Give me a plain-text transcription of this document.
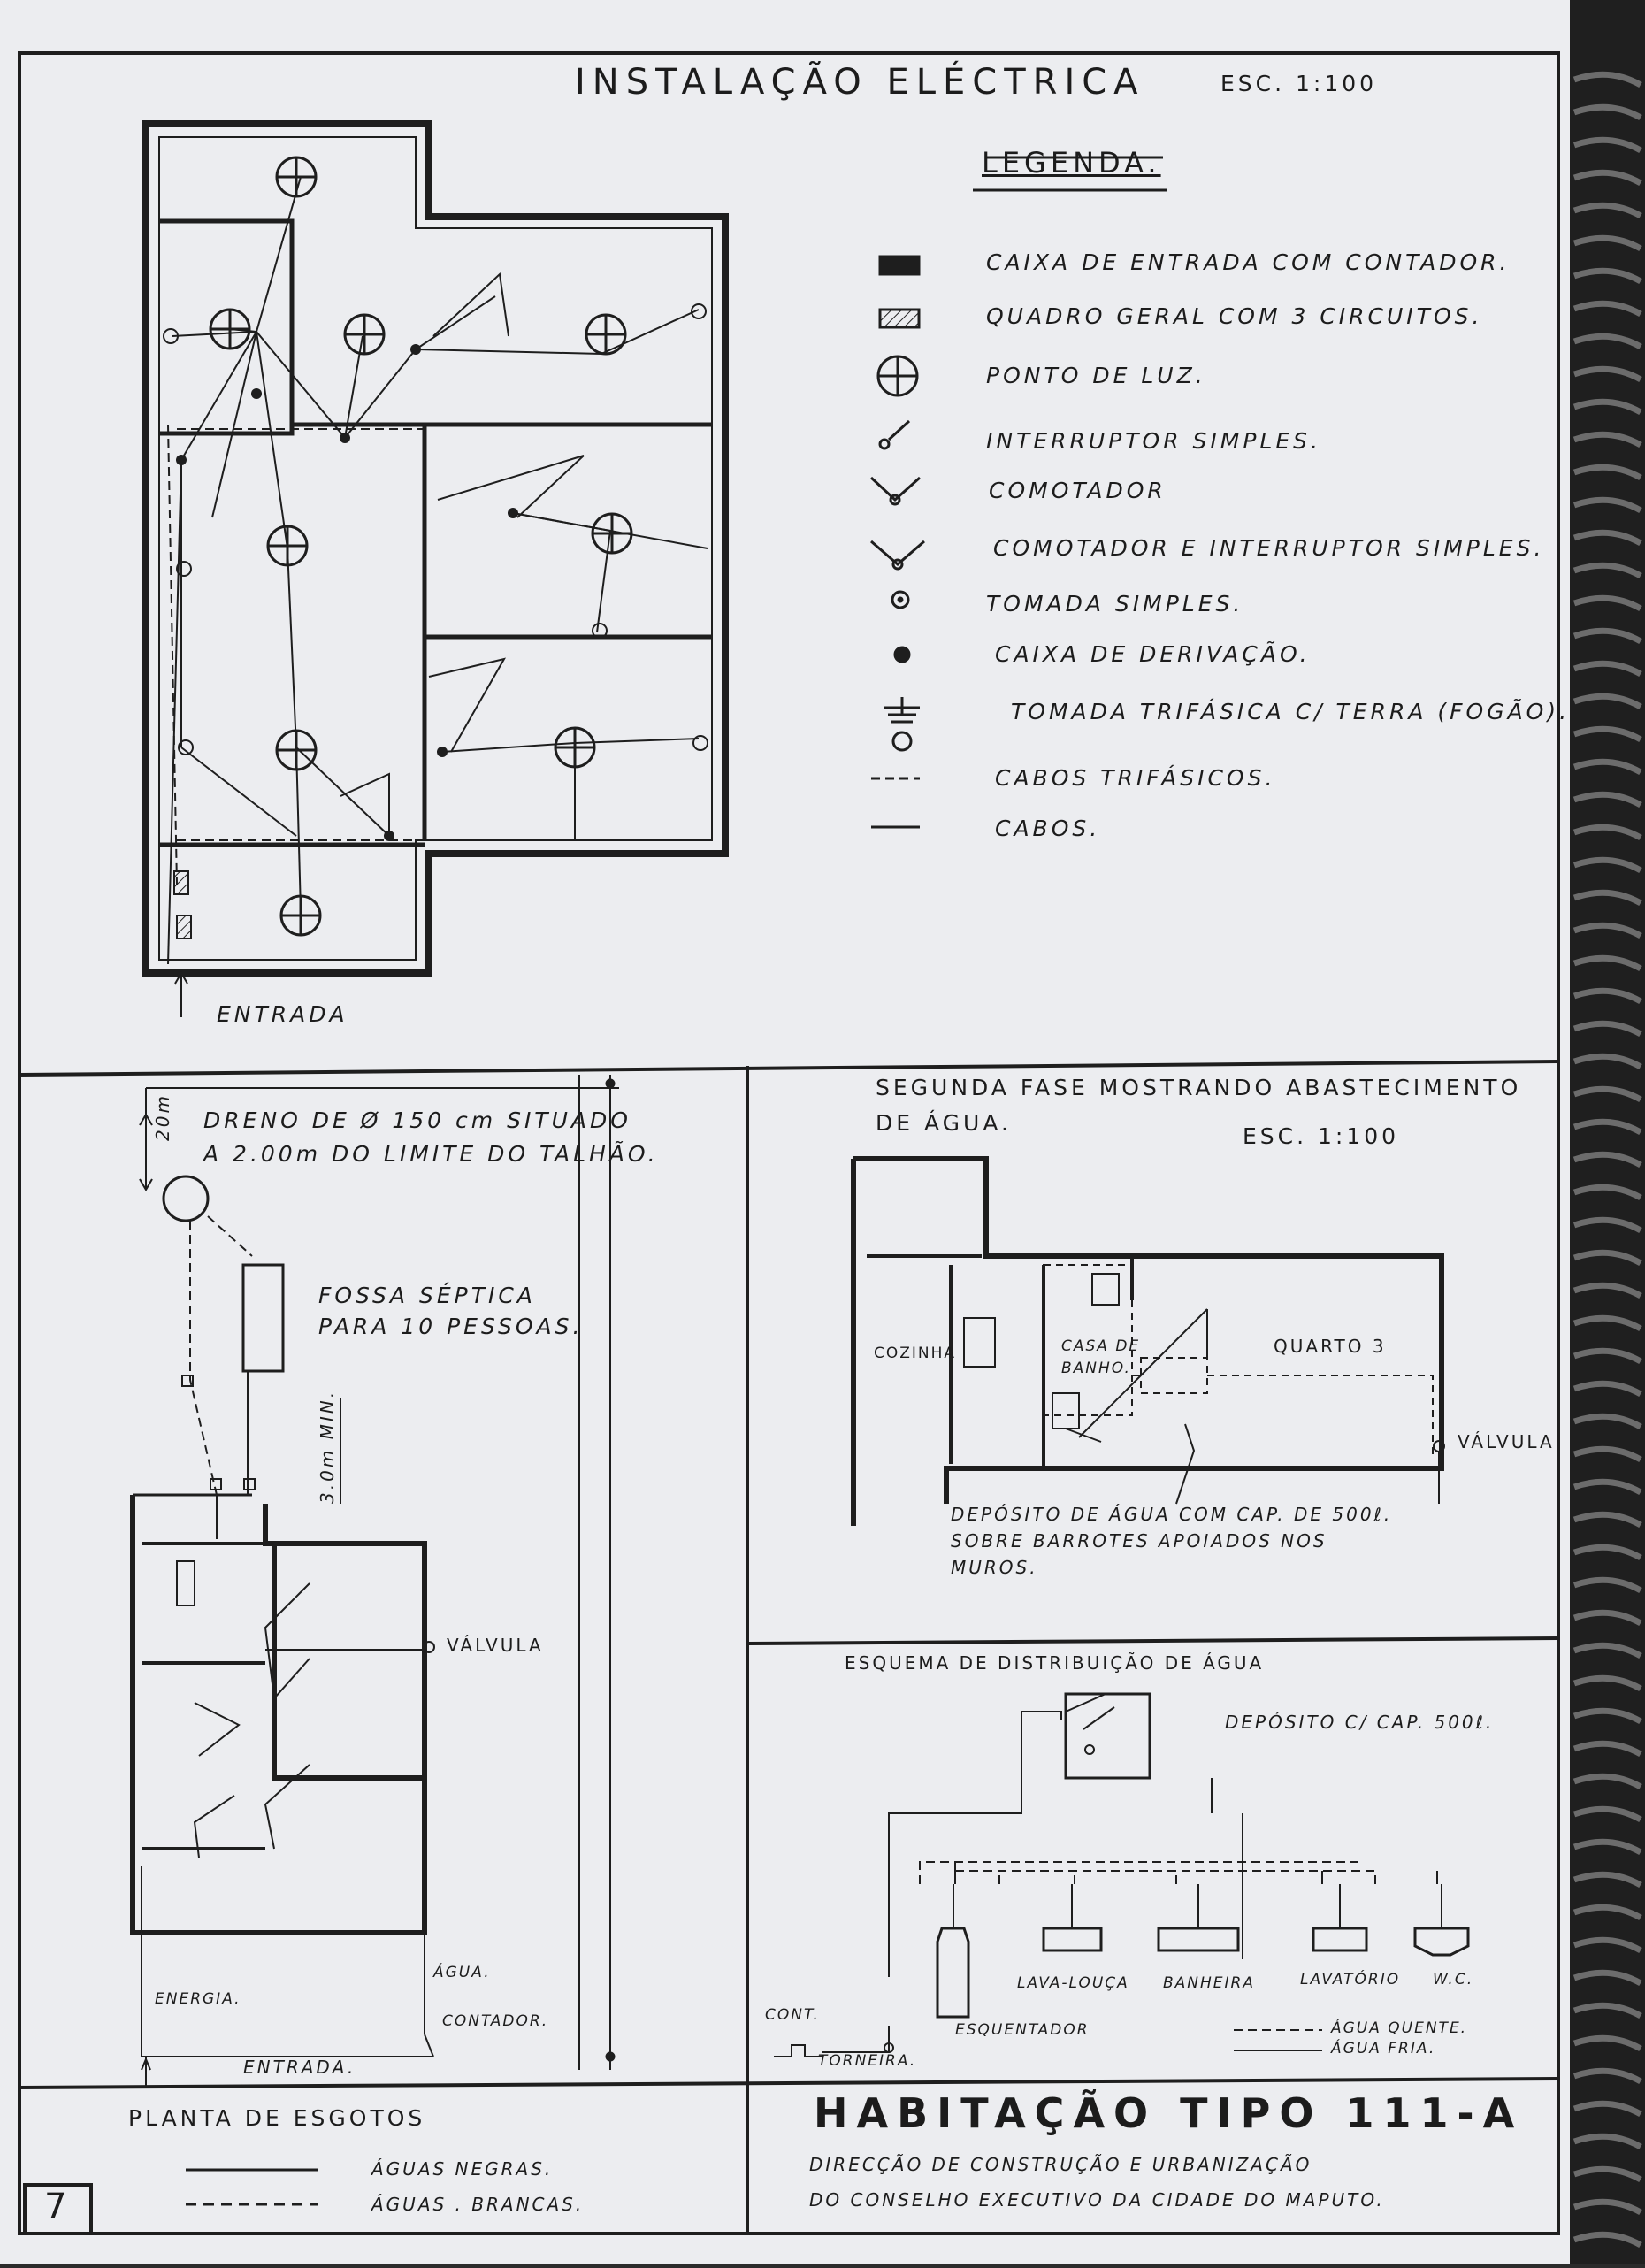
INSTALAÇÃO ELÉCTRICA	ESC. 1:100
LEGENDA.
CAIXA DE ENTRADA COM CONTADOR.
QUADRO GERAL COM 3 CIRCUITOS.
PONTO DE LUZ.
INTERRUPTOR SIMPLES.
COMOTADOR
COMOTADOR E INTERRUPTOR SIMPLES.
TOMADA SIMPLES.
CAIXA DE DERIVAÇÃO.
TOMADA TRIFÁSICA C/ TERRA (FOGÃO).
CABOS TRIFÁSICOS.
CABOS.
ENTRADA
DRENO DE Ø 150 cm SITUADO
A 2.00m DO LIMITE DO TALHÃO.
20m
FOSSA SÉPTICA
PARA 10 PESSOAS.
3.0m MIN.
VÁLVULA
ENERGIA.
ÁGUA.
CONTADOR.
ENTRADA.
PLANTA DE ESGOTOS
ÁGUAS NEGRAS.
ÁGUAS . BRANCAS.
SEGUNDA FASE MOSTRANDO ABASTECIMENTO
DE ÁGUA.
ESC. 1:100
COZINHA	CASA DE
BANHO.
QUARTO 3
VÁLVULA
DEPÓSITO DE ÁGUA COM CAP. DE 500ℓ.
SOBRE BARROTES APOIADOS NOS
MUROS.
ESQUEMA DE DISTRIBUIÇÃO DE ÁGUA
DEPÓSITO C/ CAP. 500ℓ.
LAVA-LOUÇA BANHEIRA	LAVATÓRIO W.C.
ESQUENTADOR
CONT.
TORNEIRA.
ÁGUA QUENTE.
ÁGUA FRIA.
HABITAÇÃO TIPO 111-A
DIRECÇÃO DE CONSTRUÇÃO E URBANIZAÇÃO
DO CONSELHO EXECUTIVO DA CIDADE DO MAPUTO.
7
